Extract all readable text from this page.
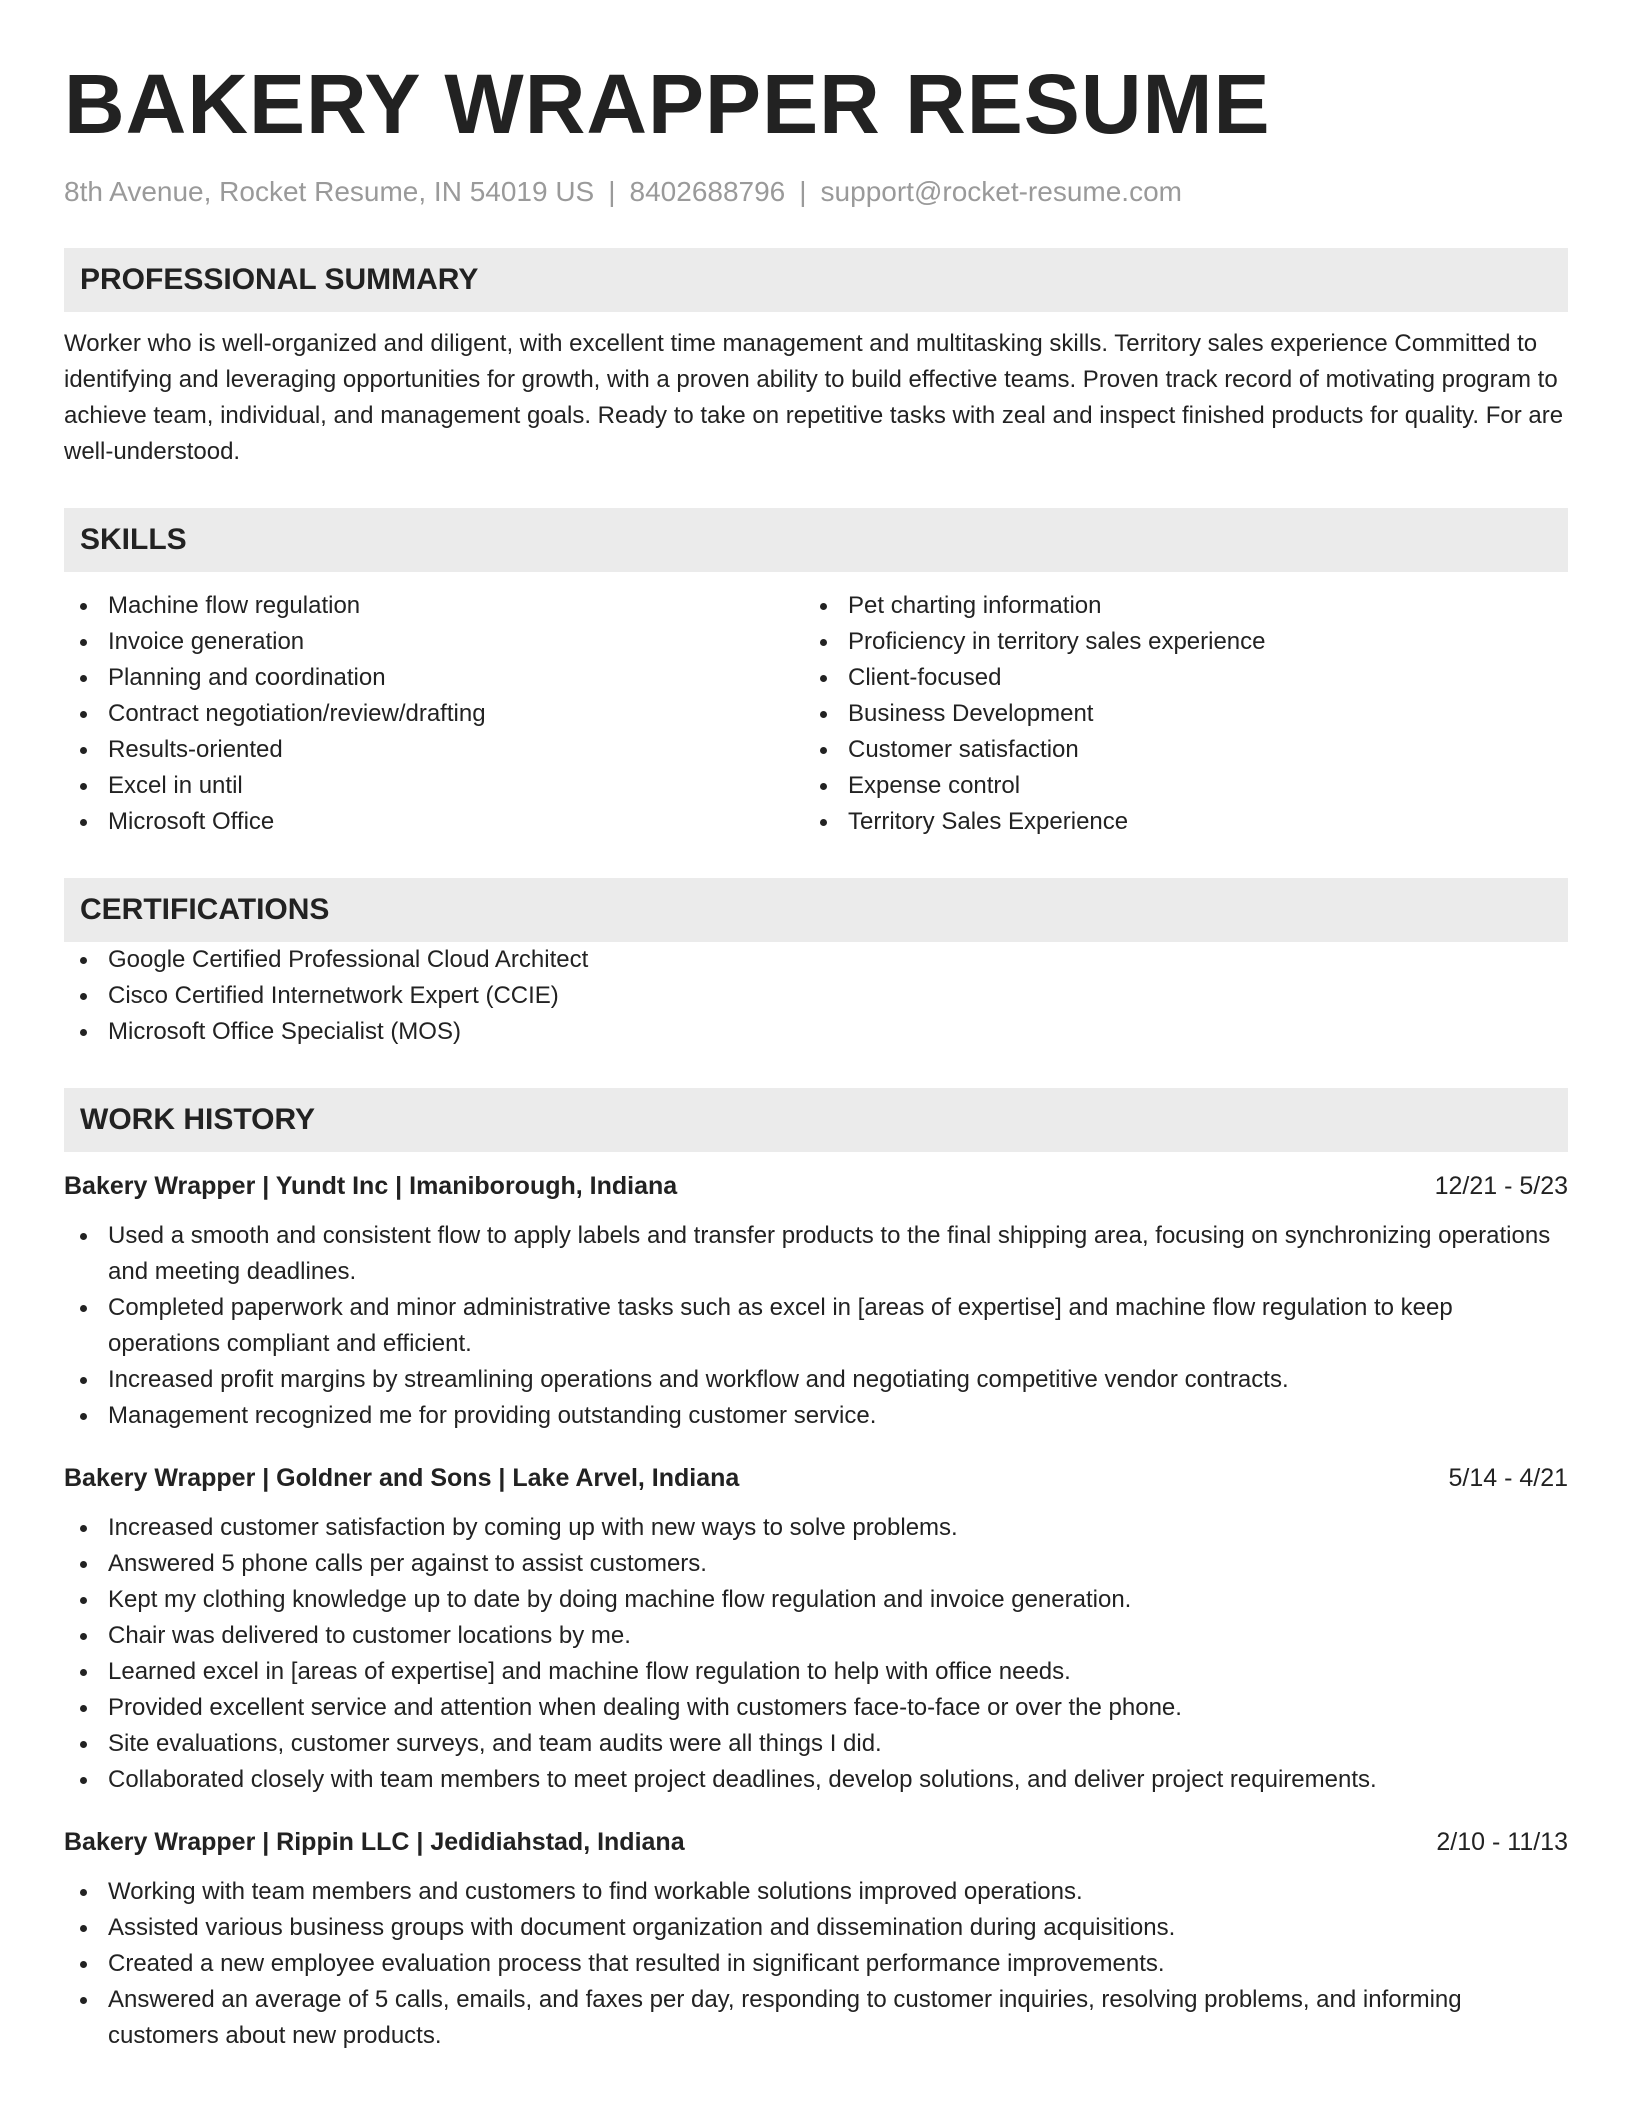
BAKERY WRAPPER RESUME
8th Avenue, Rocket Resume, IN 54019 US | 8402688796 | support@rocket-resume.com
PROFESSIONAL SUMMARY
Worker who is well-organized and diligent, with excellent time management and multitasking skills. Territory sales experience Committed to identifying and leveraging opportunities for growth, with a proven ability to build effective teams. Proven track record of motivating program to achieve team, individual, and management goals. Ready to take on repetitive tasks with zeal and inspect finished products for quality. For are well-understood.
SKILLS
Machine flow regulation
Invoice generation
Planning and coordination
Contract negotiation/review/drafting
Results-oriented
Excel in until
Microsoft Office
Pet charting information
Proficiency in territory sales experience
Client-focused
Business Development
Customer satisfaction
Expense control
Territory Sales Experience
CERTIFICATIONS
Google Certified Professional Cloud Architect
Cisco Certified Internetwork Expert (CCIE)
Microsoft Office Specialist (MOS)
WORK HISTORY
Bakery Wrapper | Yundt Inc | Imaniborough, Indiana	12/21 - 5/23
Used a smooth and consistent flow to apply labels and transfer products to the final shipping area, focusing on synchronizing operations and meeting deadlines.
Completed paperwork and minor administrative tasks such as excel in [areas of expertise] and machine flow regulation to keep operations compliant and efficient.
Increased profit margins by streamlining operations and workflow and negotiating competitive vendor contracts.
Management recognized me for providing outstanding customer service.
Bakery Wrapper | Goldner and Sons | Lake Arvel, Indiana	5/14 - 4/21
Increased customer satisfaction by coming up with new ways to solve problems.
Answered 5 phone calls per against to assist customers.
Kept my clothing knowledge up to date by doing machine flow regulation and invoice generation.
Chair was delivered to customer locations by me.
Learned excel in [areas of expertise] and machine flow regulation to help with office needs.
Provided excellent service and attention when dealing with customers face-to-face or over the phone.
Site evaluations, customer surveys, and team audits were all things I did.
Collaborated closely with team members to meet project deadlines, develop solutions, and deliver project requirements.
Bakery Wrapper | Rippin LLC | Jedidiahstad, Indiana	2/10 - 11/13
Working with team members and customers to find workable solutions improved operations.
Assisted various business groups with document organization and dissemination during acquisitions.
Created a new employee evaluation process that resulted in significant performance improvements.
Answered an average of 5 calls, emails, and faxes per day, responding to customer inquiries, resolving problems, and informing customers about new products.
